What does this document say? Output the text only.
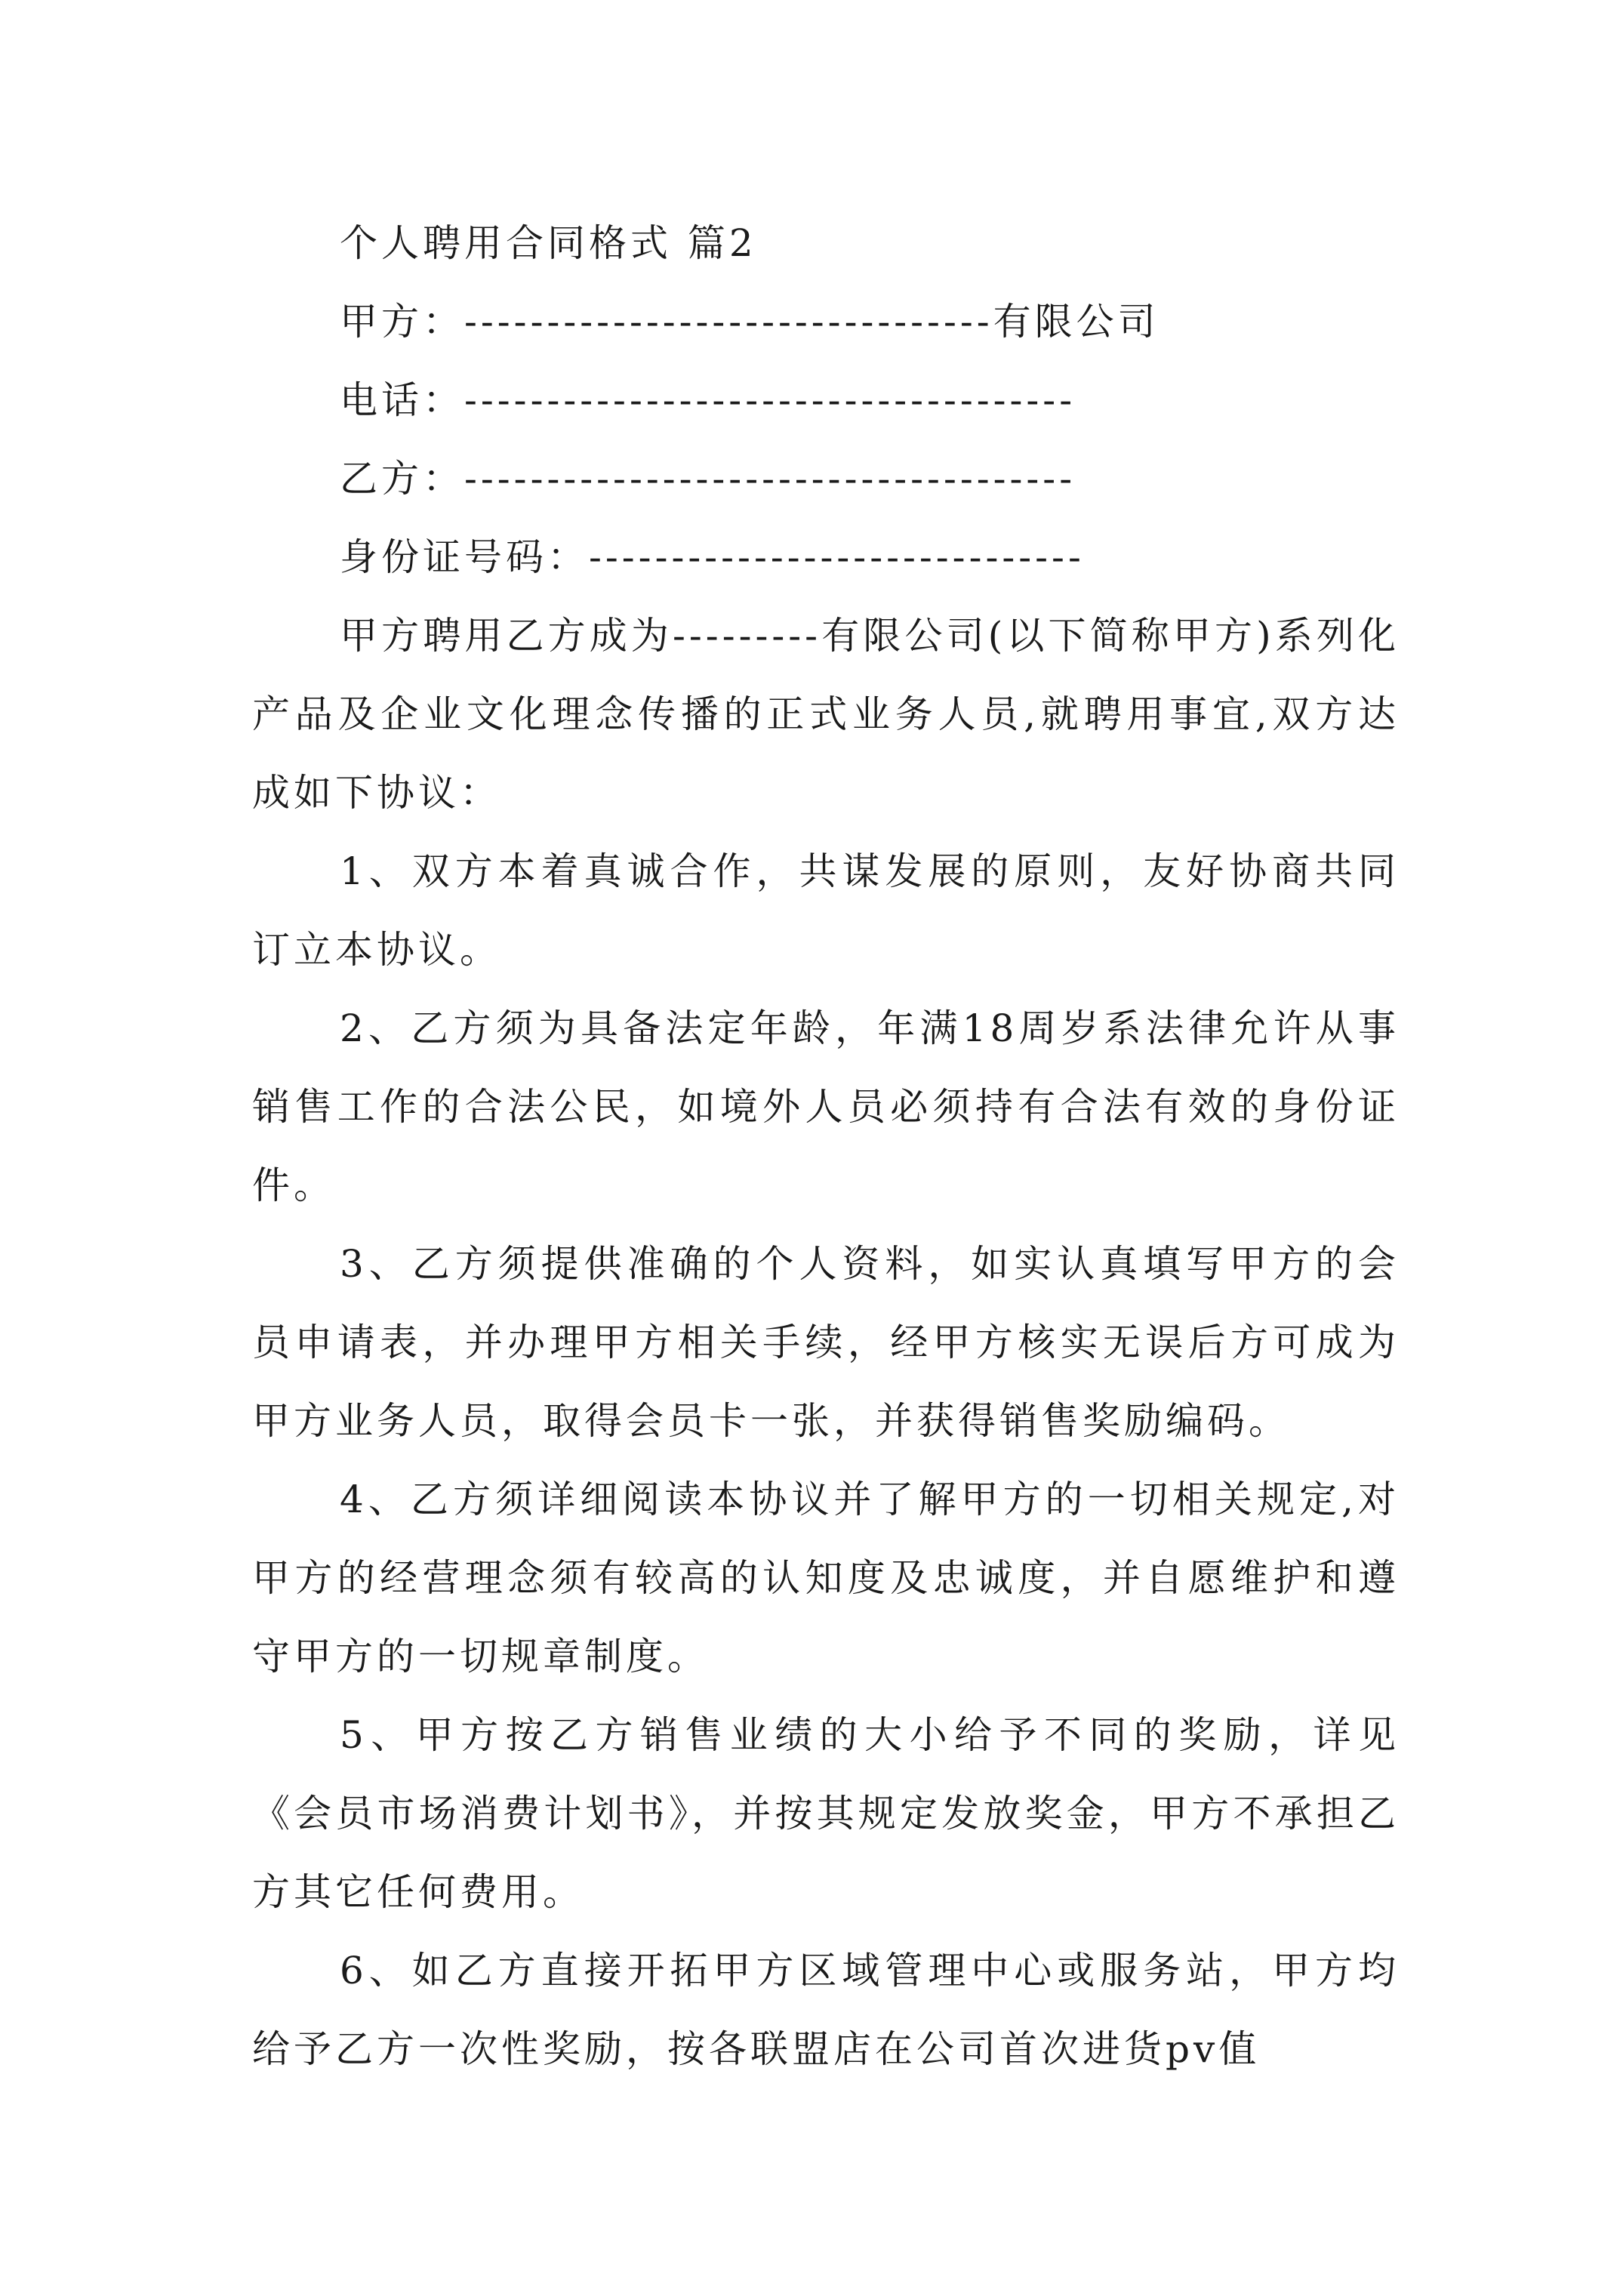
个人聘用合同格式 篇2
甲方：--------------------------------有限公司
电话：-------------------------------------
乙方：-------------------------------------
身份证号码：------------------------------

甲方聘用乙方成为---------有限公司(以下简称甲方)系列化产品及企业文化理念传播的正式业务人员,就聘用事宜,双方达成如下协议：

1、双方本着真诚合作，共谋发展的原则，友好协商共同订立本协议。

2、乙方须为具备法定年龄，年满18周岁系法律允许从事销售工作的合法公民，如境外人员必须持有合法有效的身份证件。

3、乙方须提供准确的个人资料，如实认真填写甲方的会员申请表，并办理甲方相关手续，经甲方核实无误后方可成为甲方业务人员，取得会员卡一张，并获得销售奖励编码。

4、乙方须详细阅读本协议并了解甲方的一切相关规定,对甲方的经营理念须有较高的认知度及忠诚度，并自愿维护和遵守甲方的一切规章制度。

5、甲方按乙方销售业绩的大小给予不同的奖励，详见《会员市场消费计划书》，并按其规定发放奖金，甲方不承担乙方其它任何费用。

6、如乙方直接开拓甲方区域管理中心或服务站，甲方均给予乙方一次性奖励，按各联盟店在公司首次进货pv值
